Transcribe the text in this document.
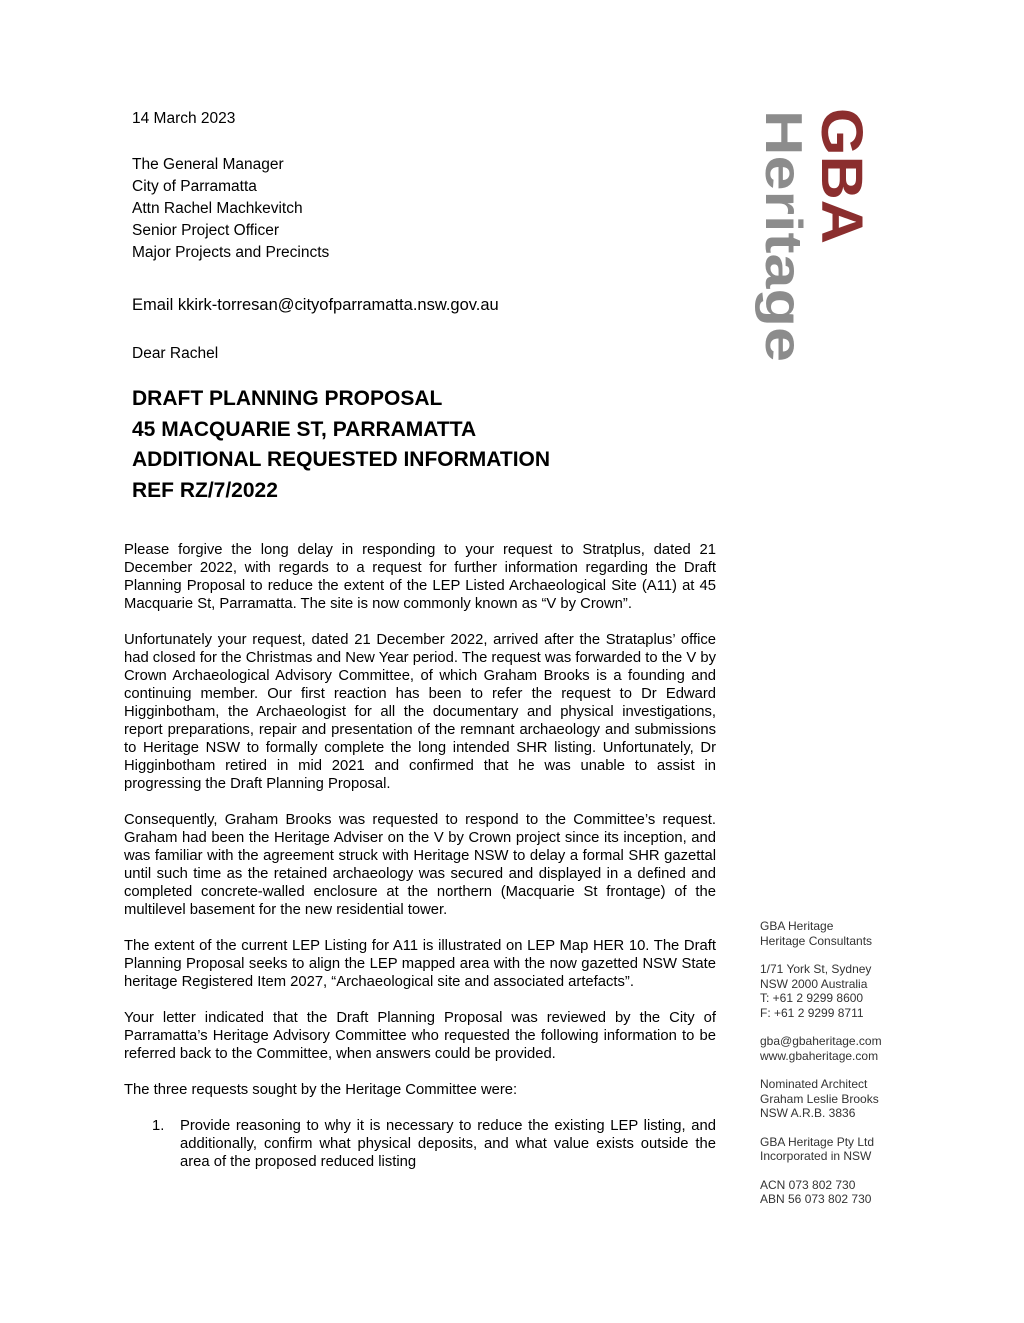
14 March 2023
The General Manager
City of Parramatta
Attn Rachel Machkevitch
Senior Project Officer
Major Projects and Precincts
Email kkirk-torresan@cityofparramatta.nsw.gov.au
Dear Rachel
DRAFT PLANNING PROPOSAL
45 MACQUARIE ST, PARRAMATTA
ADDITIONAL REQUESTED INFORMATION
REF RZ/7/2022

Please forgive the long delay in responding to your request to Stratplus, dated 21 December 2022, with regards to a request for further information regarding the Draft Planning Proposal to reduce the extent of the LEP Listed Archaeological Site (A11) at 45 Macquarie St, Parramatta. The site is now commonly known as “V by Crown”.

Unfortunately your request, dated 21 December 2022, arrived after the Strataplus’ office had closed for the Christmas and New Year period. The request was forwarded to the V by Crown Archaeological Advisory Committee, of which Graham Brooks is a founding and continuing member. Our first reaction has been to refer the request to Dr Edward Higginbotham, the Archaeologist for all the documentary and physical investigations, report preparations, repair and presentation of the remnant archaeology and submissions to Heritage NSW to formally complete the long intended SHR listing. Unfortunately, Dr Higginbotham retired in mid 2021 and confirmed that he was unable to assist in progressing the Draft Planning Proposal.

Consequently, Graham Brooks was requested to respond to the Committee’s request. Graham had been the Heritage Adviser on the V by Crown project since its inception, and was familiar with the agreement struck with Heritage NSW to delay a formal SHR gazettal until such time as the retained archaeology was secured and displayed in a defined and completed concrete-walled enclosure at the northern (Macquarie St frontage) of the multilevel basement for the new residential tower.

The extent of the current LEP Listing for A11 is illustrated on LEP Map HER 10. The Draft Planning Proposal seeks to align the LEP mapped area with the now gazetted NSW State heritage Registered Item 2027, “Archaeological site and associated artefacts”.

Your letter indicated that the Draft Planning Proposal was reviewed by the City of Parramatta’s Heritage Advisory Committee who requested the following information to be referred back to the Committee, when answers could be provided.

The three requests sought by the Heritage Committee were:

1. Provide reasoning to why it is necessary to reduce the existing LEP listing, and additionally, confirm what physical deposits, and what value exists outside the area of the proposed reduced listing
GBA
Heritage
GBA Heritage
Heritage Consultants
1/71 York St, Sydney
NSW 2000 Australia
T: +61 2 9299 8600
F: +61 2 9299 8711
gba@gbaheritage.com
www.gbaheritage.com
Nominated Architect
Graham Leslie Brooks
NSW A.R.B. 3836
GBA Heritage Pty Ltd
Incorporated in NSW
ACN 073 802 730
ABN 56 073 802 730
